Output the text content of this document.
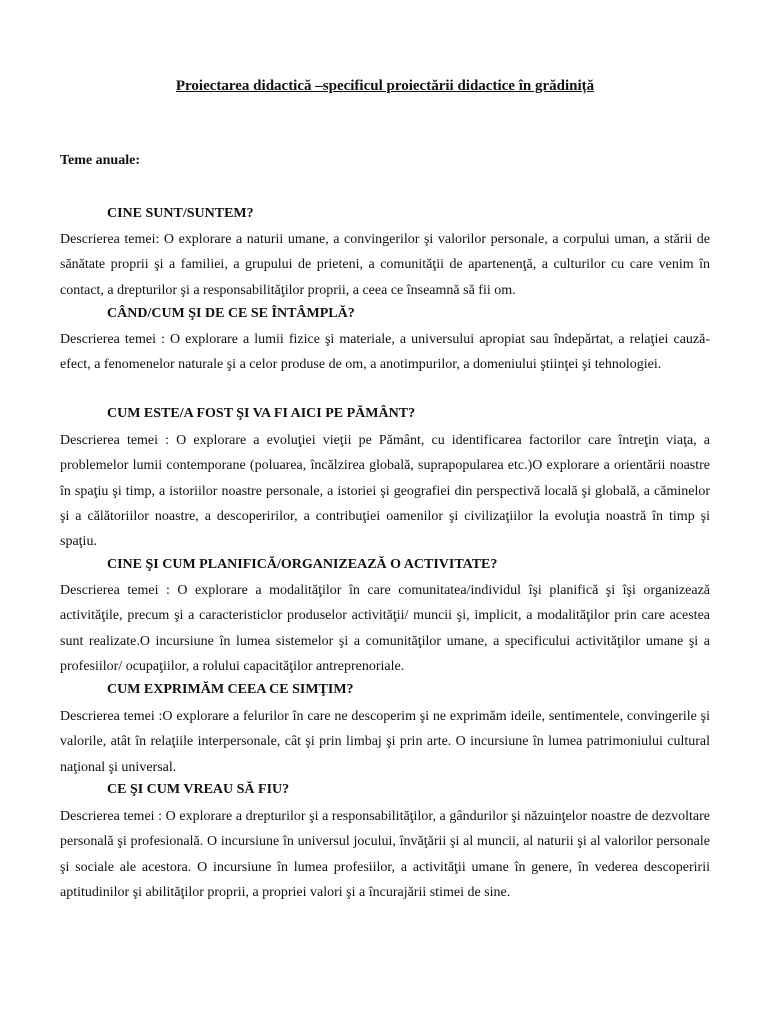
Proiectarea didactică –specificul proiectării didactice în grădiniță
Teme anuale:
CINE SUNT/SUNTEM?

Descrierea temei: O explorare a naturii umane, a convingerilor şi valorilor personale, a corpului uman, a stării de sănătate proprii şi a familiei, a grupului de prieteni, a comunităţii de apartenenţă, a culturilor cu care venim în contact, a drepturilor şi a responsabilităţilor proprii, a ceea ce înseamnă să fii om.

CÂND/CUM ŞI DE CE SE ÎNTÂMPLĂ?

Descrierea temei : O explorare a lumii fizice şi materiale, a universului apropiat sau îndepărtat, a relaţiei cauză-efect, a fenomenelor naturale şi a celor produse de om, a anotimpurilor, a domeniului ştiinţei şi tehnologiei.

CUM ESTE/A FOST ŞI VA FI AICI PE PĂMÂNT?

Descrierea temei : O explorare a evoluţiei vieţii pe Pământ, cu identificarea factorilor care întreţin viaţa, a problemelor lumii contemporane (poluarea, încălzirea globală, suprapopularea etc.)O explorare a orientării noastre în spaţiu şi timp, a istoriilor noastre personale, a istoriei şi geografiei din perspectivă locală şi globală, a căminelor şi a călătoriilor noastre, a descoperirilor, a contribuţiei oamenilor şi civilizaţiilor la evoluţia noastră în timp şi spaţiu.

CINE ŞI CUM PLANIFICĂ/ORGANIZEAZĂ O ACTIVITATE?

Descrierea temei : O explorare a modalităţilor în care comunitatea/individul îşi planifică şi îşi organizează activităţile, precum şi a caracteristiclor produselor activităţii/ muncii şi, implicit, a modalităţilor prin care acestea sunt realizate.O incursiune în lumea sistemelor şi a comunităţilor umane, a specificului activităţilor umane şi a profesiilor/ ocupaţiilor, a rolului capacităţilor antreprenoriale.

CUM EXPRIMĂM CEEA CE SIMŢIM?

Descrierea temei :O explorare a felurilor în care ne descoperim şi ne exprimăm ideile, sentimentele, convingerile şi valorile, atât în relaţiile interpersonale, cât şi prin limbaj şi prin arte. O incursiune în lumea patrimoniului cultural naţional şi universal.

CE ŞI CUM VREAU SĂ FIU?

Descrierea temei : O explorare a drepturilor şi a responsabilităţilor, a gândurilor şi năzuinţelor noastre de dezvoltare personală şi profesională. O incursiune în universul jocului, învăţării şi al muncii, al naturii şi al valorilor personale şi sociale ale acestora. O incursiune în lumea profesiilor, a activităţii umane în genere, în vederea descoperirii aptitudinilor şi abilităţilor proprii, a propriei valori şi a încurajării stimei de sine.
